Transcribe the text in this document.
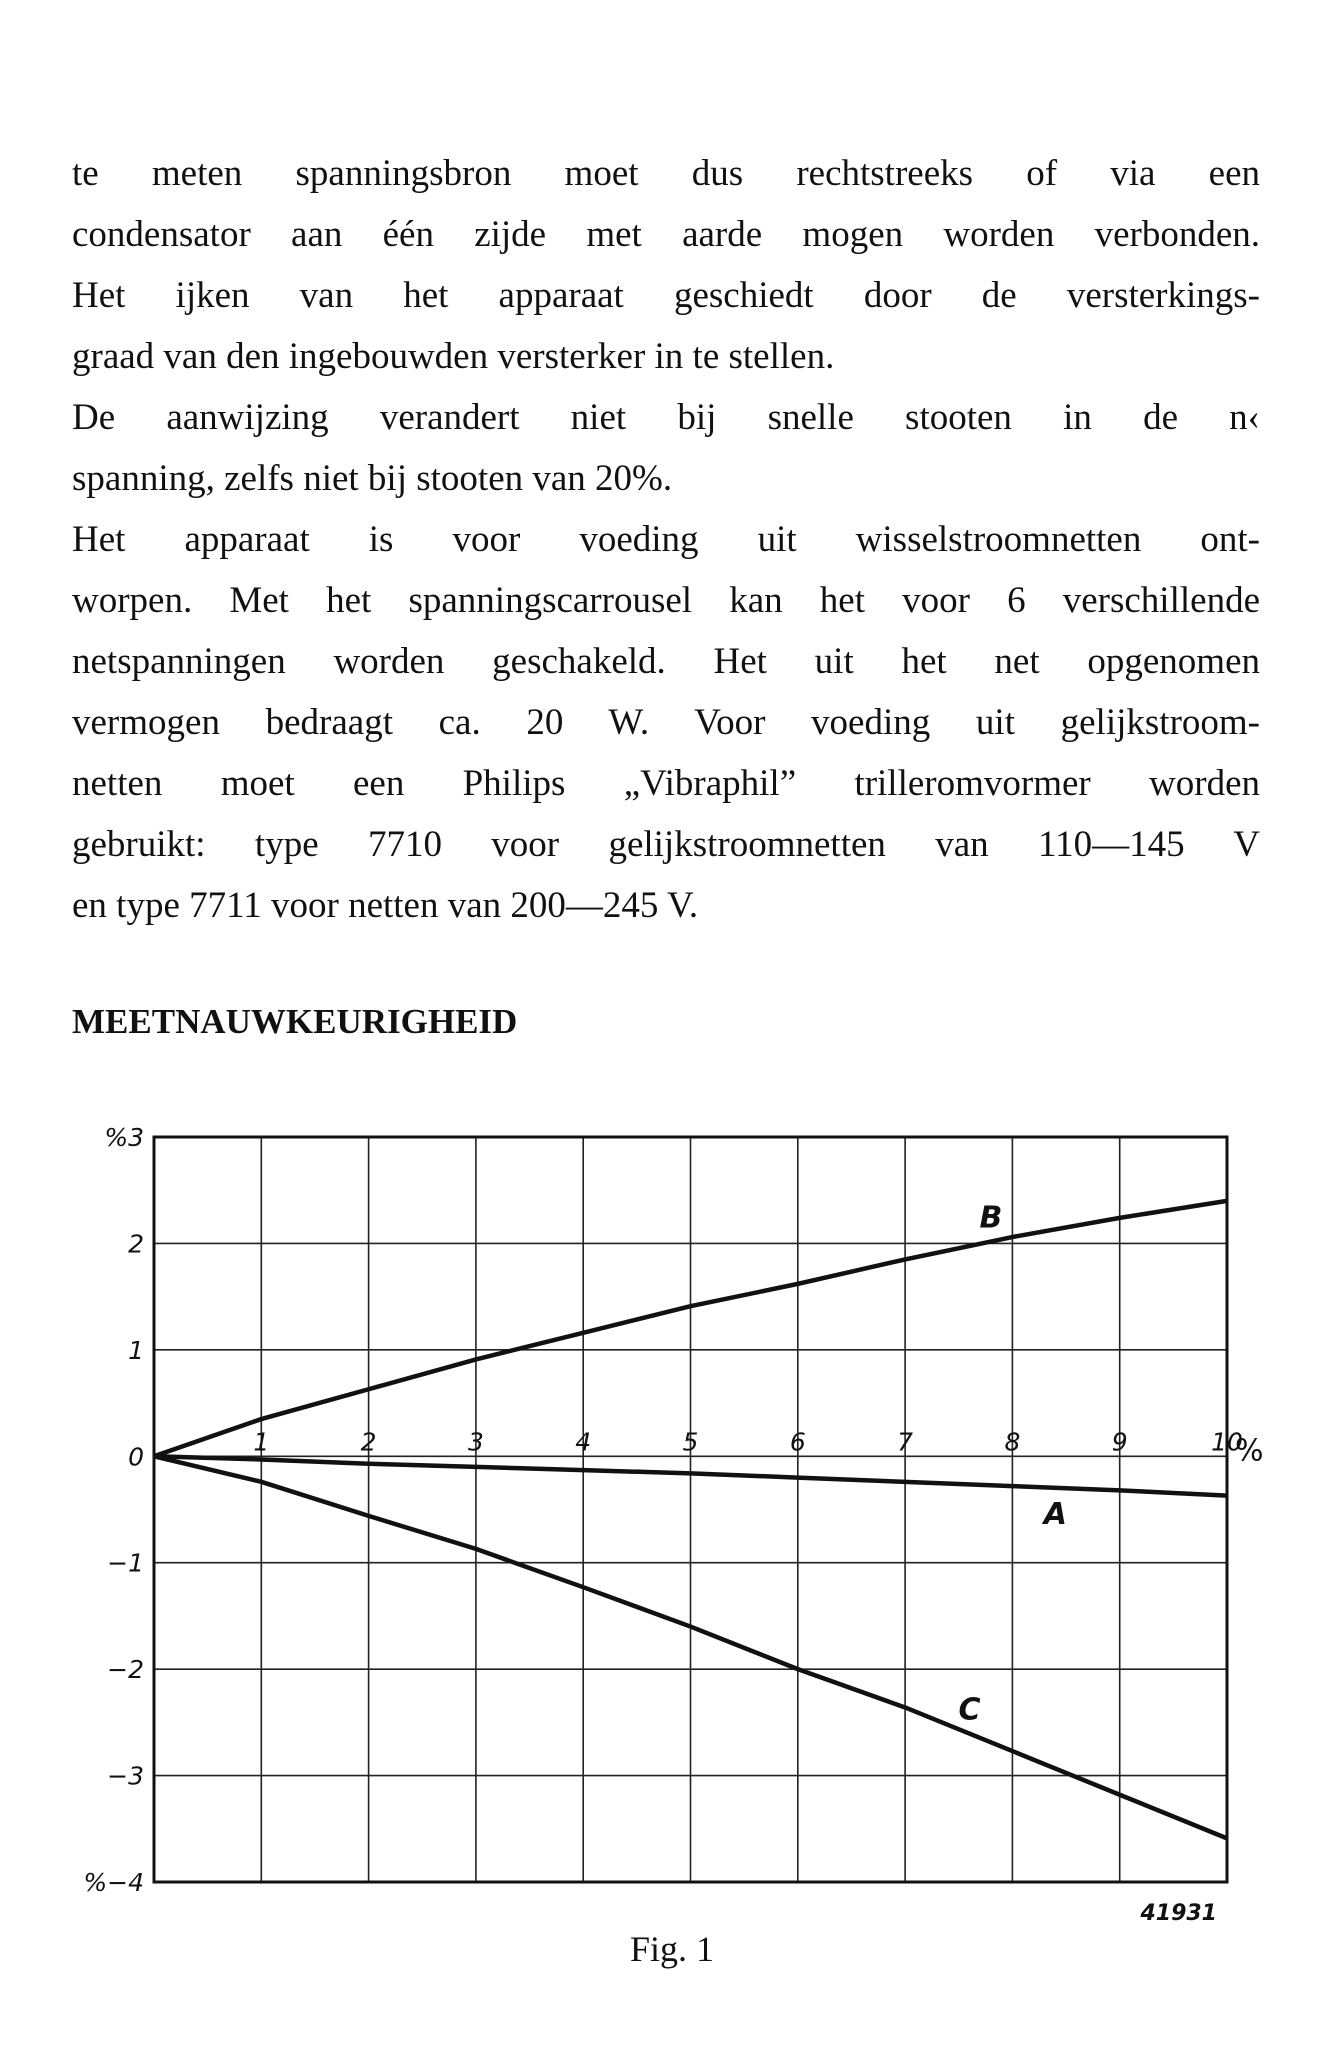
te meten spanningsbron moet dus rechtstreeks of via een
condensator aan één zijde met aarde mogen worden verbonden.
Het ijken van het apparaat geschiedt door de versterkings-
graad van den ingebouwden versterker in te stellen.
De aanwijzing verandert niet bij snelle stooten in de n‹
spanning, zelfs niet bij stooten van 20%.
Het apparaat is voor voeding uit wisselstroomnetten ont-
worpen. Met het spanningscarrousel kan het voor 6 verschillende
netspanningen worden geschakeld. Het uit het net opgenomen
vermogen bedraagt ca. 20 W. Voor voeding uit gelijkstroom-
netten moet een Philips „Vibraphil” trilleromvormer worden
gebruikt: type 7710 voor gelijkstroomnetten van 110—145 V
en type 7711 voor netten van 200—245 V.
MEETNAUWKEURIGHEID
%3
2
1
0
−1
−2
−3
%−4
1	2	3	4	5	6	7	8	9	10
%
A
B
C
41931
Fig. 1
